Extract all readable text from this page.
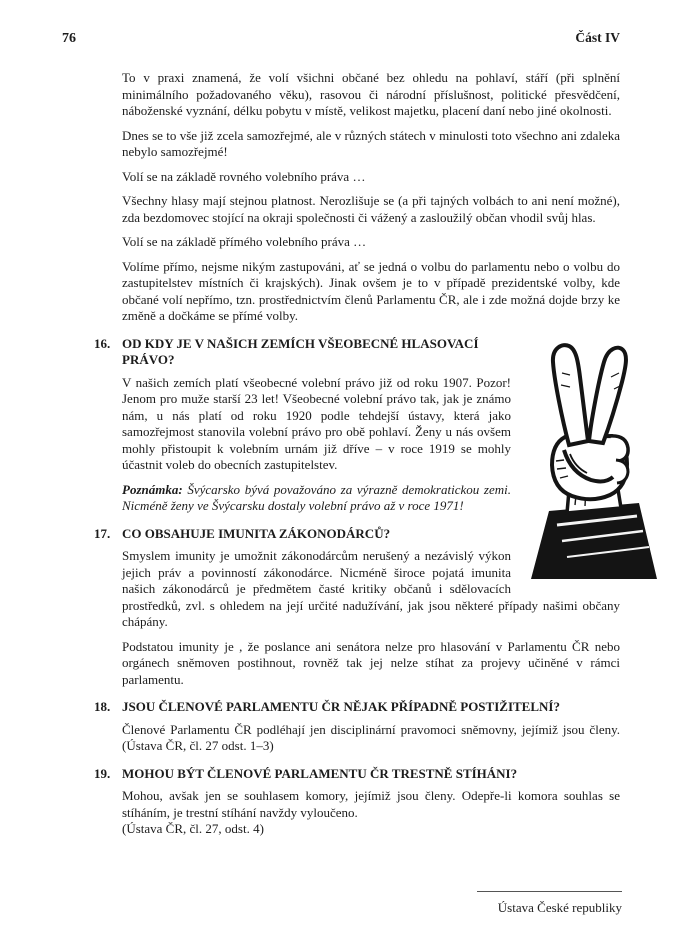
76	Část IV

To v praxi znamená, že volí všichni občané bez ohledu na pohlaví, stáří (při splnění minimálního požadovaného věku), rasovou či národní příslušnost, politické přesvědčení, náboženské vyznání, délku pobytu v místě, velikost majetku, placení daní nebo jiné okolnosti.

Dnes se to vše již zcela samozřejmé, ale v různých státech v minulosti toto všechno ani zdaleka nebylo samozřejmé!

Volí se na základě rovného volebního práva …

Všechny hlasy mají stejnou platnost. Nerozlišuje se (a při tajných volbách to ani není možné), zda bezdomovec stojící na okraji společnosti či vážený a zasloužilý občan vhodil svůj hlas.

Volí se na základě přímého volebního práva …

Volíme přímo, nejsme nikým zastupováni, ať se jedná o volbu do parlamentu nebo o volbu do zastupitelstev místních či krajských). Jinak ovšem je to v případě prezidentské volby, kde občané volí nepřímo, tzn. prostřednictvím členů Parlamentu ČR, ale i zde možná dojde brzy ke změně a dočkáme se přímé volby.

16. OD KDY JE V NAŠICH ZEMÍCH VŠEOBECNÉ HLASOVACÍ PRÁVO?

V našich zemích platí všeobecné volební právo již od roku 1907. Pozor! Jenom pro muže starší 23 let! Všeobecné volební právo tak, jak je známo nám, u nás platí od roku 1920 podle tehdejší ústavy, která jako samozřejmost stanovila volební právo pro obě pohlaví. Ženy u nás ovšem mohly přistoupit k volebním urnám již dříve – v roce 1919 se mohly účastnit voleb do obecních zastupitelstev.

Poznámka: Švýcarsko bývá považováno za výrazně demokratickou zemi. Nicméně ženy ve Švýcarsku dostaly volební právo až v roce 1971!

17. CO OBSAHUJE IMUNITA ZÁKONODÁRCŮ?

Smyslem imunity je umožnit zákonodárcům nerušený a nezávislý výkon jejich práv a povinností zákonodárce. Nicméně široce pojatá imunita našich zákonodárců je předmětem časté kritiky občanů i sdělovacích prostředků, zvl. s ohledem na její určité nadužívání, jak jsou některé případy našimi občany chápány.

Podstatou imunity je , že poslance ani senátora nelze pro hlasování v Parlamentu ČR nebo orgánech sněmoven postihnout, rovněž tak jej nelze stíhat za projevy učiněné v rámci parlamentu.

18. JSOU ČLENOVÉ PARLAMENTU ČR NĚJAK PŘÍPADNĚ POSTIŽITELNÍ?

Členové Parlamentu ČR podléhají jen disciplinární pravomoci sněmovny, jejímiž jsou členy. (Ústava ČR, čl. 27 odst. 1–3)

19. MOHOU BÝT ČLENOVÉ PARLAMENTU ČR TRESTNĚ STÍHÁNI?

Mohou, avšak jen se souhlasem komory, jejímiž jsou členy. Odepře-li komora souhlas se stíháním, je trestní stíhání navždy vyloučeno.

(Ústava ČR, čl. 27, odst. 4)

Ústava České republiky
